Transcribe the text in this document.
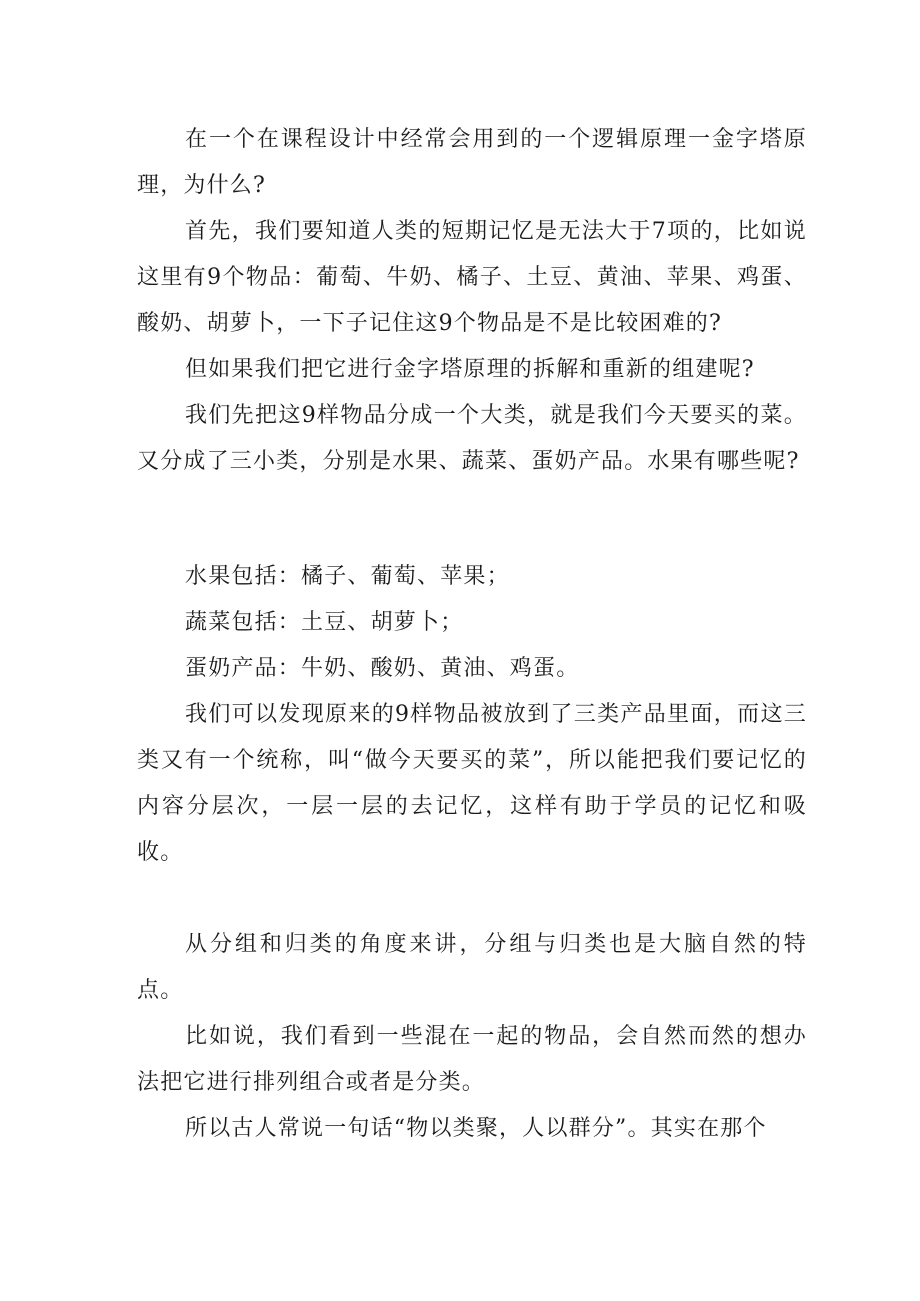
在一个在课程设计中经常会用到的一个逻辑原理一金字塔原理，为什么?

首先，我们要知道人类的短期记忆是无法大于7项的，比如说这里有9个物品：葡萄、牛奶、橘子、土豆、黄油、苹果、鸡蛋、酸奶、胡萝卜，一下子记住这9个物品是不是比较困难的?

但如果我们把它进行金字塔原理的拆解和重新的组建呢?

我们先把这9样物品分成一个大类，就是我们今天要买的菜。又分成了三小类，分别是水果、蔬菜、蛋奶产品。水果有哪些呢?

水果包括：橘子、葡萄、苹果；

蔬菜包括：土豆、胡萝卜；

蛋奶产品：牛奶、酸奶、黄油、鸡蛋。

我们可以发现原来的9样物品被放到了三类产品里面，而这三类又有一个统称，叫“做今天要买的菜”，所以能把我们要记忆的内容分层次，一层一层的去记忆，这样有助于学员的记忆和吸收。

从分组和归类的角度来讲，分组与归类也是大脑自然的特点。

比如说，我们看到一些混在一起的物品，会自然而然的想办法把它进行排列组合或者是分类。

所以古人常说一句话“物以类聚，人以群分”。其实在那个
